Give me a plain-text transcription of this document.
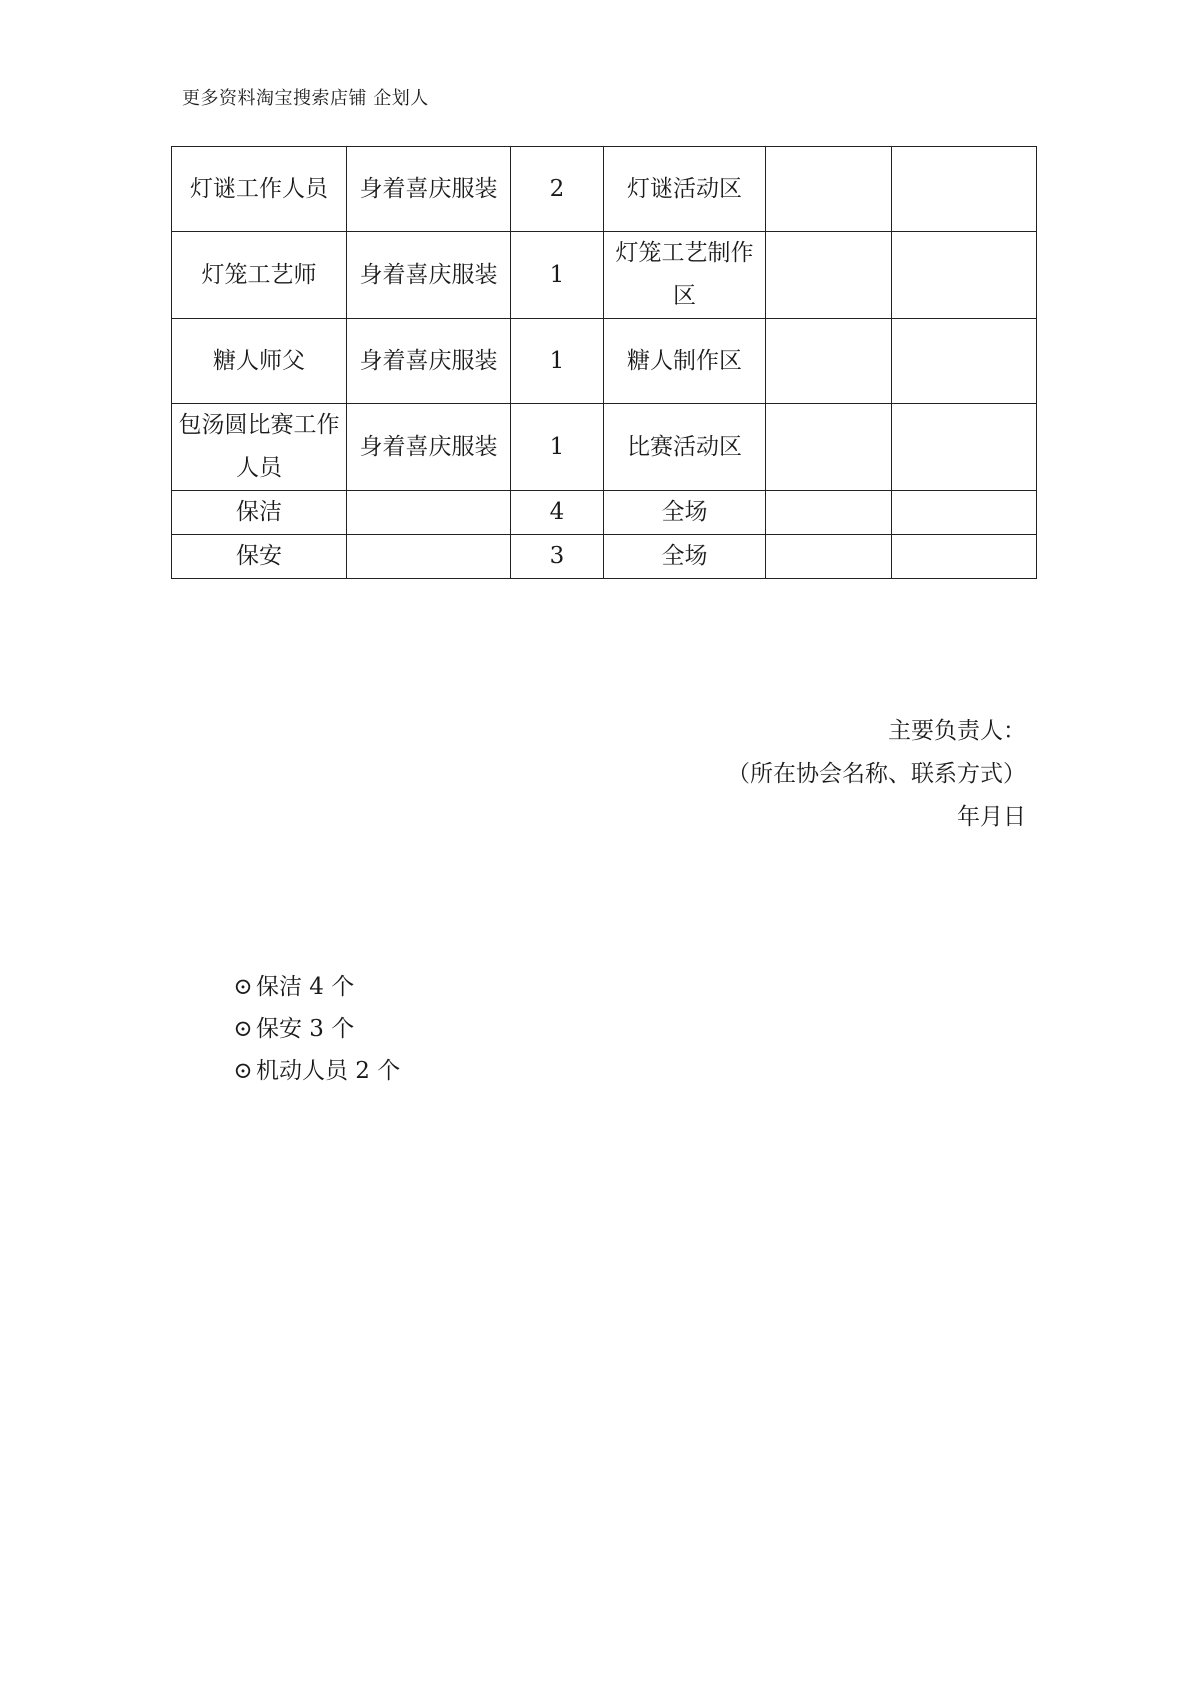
更多资料淘宝搜索店铺 企划人
灯谜工作人员	身着喜庆服装	2	灯谜活动区		
灯笼工艺师	身着喜庆服装	1	灯笼工艺制作区		
糖人师父	身着喜庆服装	1	糖人制作区		
包汤圆比赛工作人员	身着喜庆服装	1	比赛活动区		
保洁		4	全场		
保安		3	全场		
主要负责人：
（所在协会名称、联系方式）
年月日
⊙ 保洁 4 个
⊙ 保安 3 个
⊙ 机动人员 2 个
